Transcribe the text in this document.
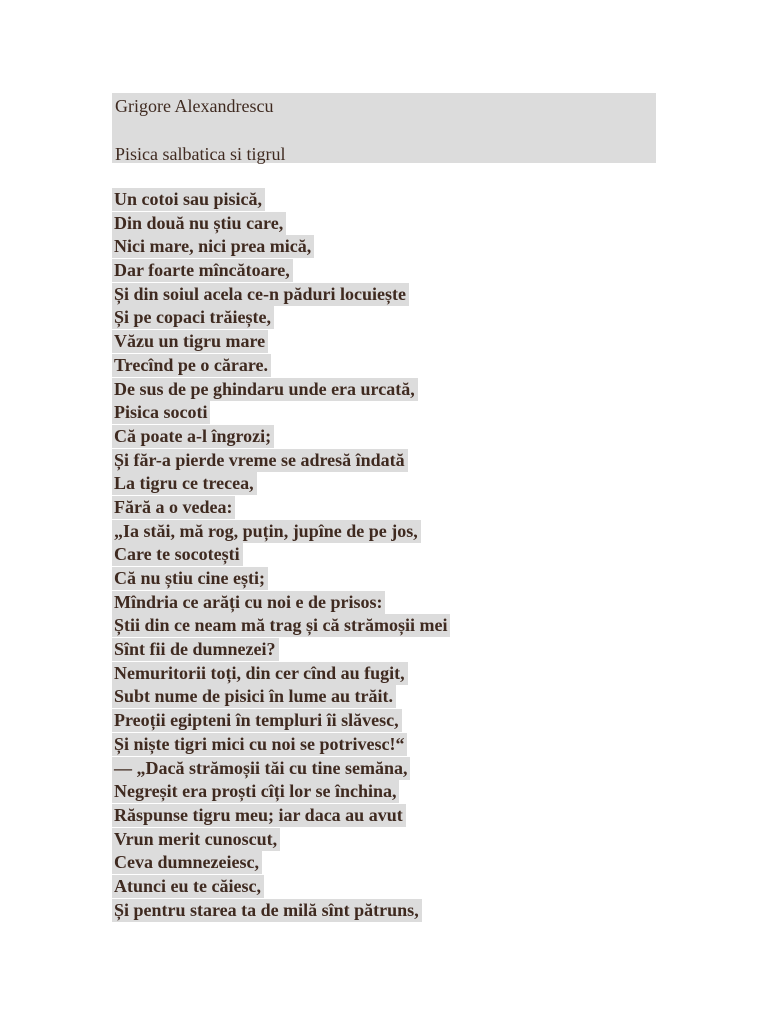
Grigore Alexandrescu
Pisica salbatica si tigrul
Un cotoi sau pisică,
Din două nu știu care,
Nici mare, nici prea mică,
Dar foarte mîncătoare,
Și din soiul acela ce-n păduri locuiește
Și pe copaci trăiește,
Văzu un tigru mare
Trecînd pe o cărare.
De sus de pe ghindaru unde era urcată,
Pisica socoti
Că poate a-l îngrozi;
Și făr-a pierde vreme se adresă îndată
La tigru ce trecea,
Fără a o vedea:
„Ia stăi, mă rog, puțin, jupîne de pe jos,
Care te socotești
Că nu știu cine ești;
Mîndria ce arăți cu noi e de prisos:
Știi din ce neam mă trag și că strămoșii mei
Sînt fii de dumnezei?
Nemuritorii toți, din cer cînd au fugit,
Subt nume de pisici în lume au trăit.
Preoții egipteni în templuri îi slăvesc,
Și niște tigri mici cu noi se potrivesc!“
— „Dacă strămoșii tăi cu tine semăna,
Negreșit era proști cîți lor se închina,
Răspunse tigru meu; iar daca au avut
Vrun merit cunoscut,
Ceva dumnezeiesc,
Atunci eu te căiesc,
Și pentru starea ta de milă sînt pătruns,
